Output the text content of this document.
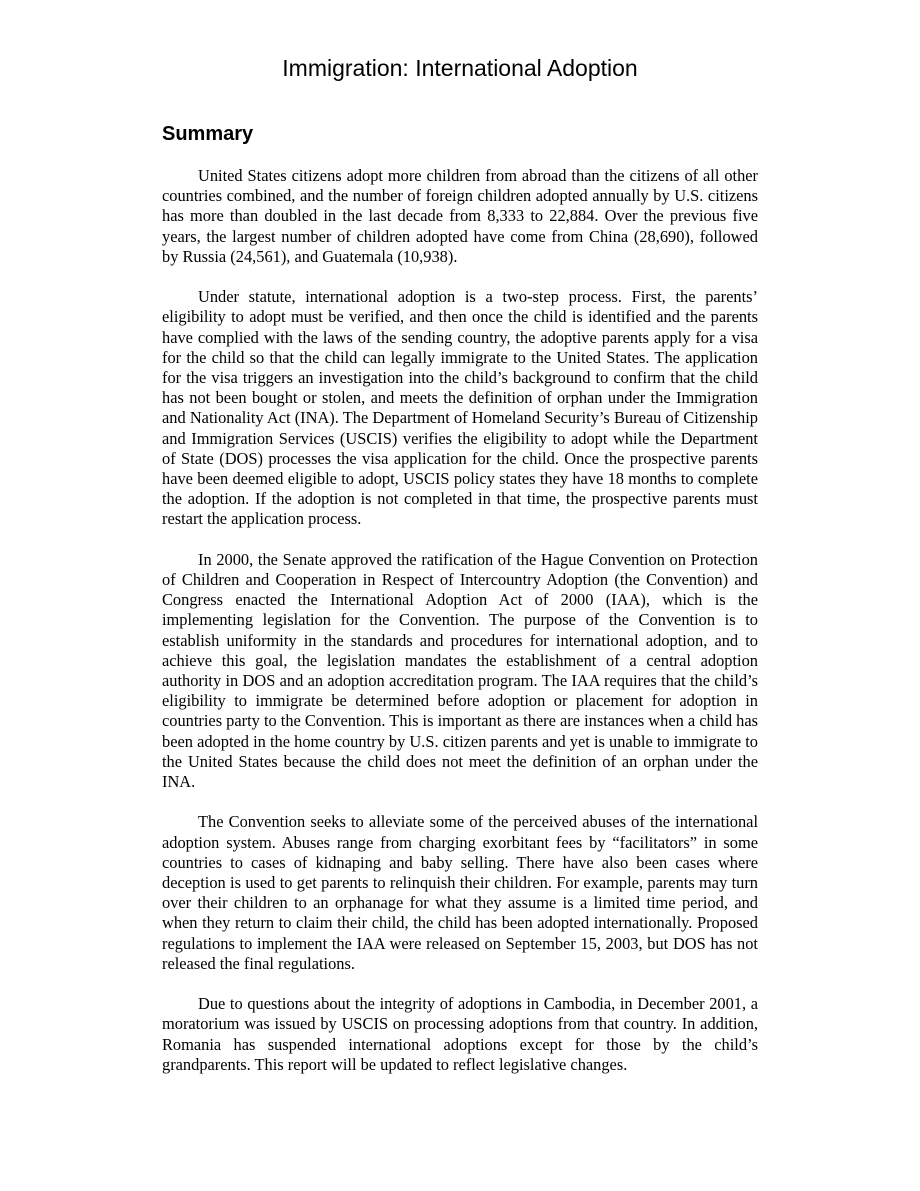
Immigration: International Adoption
Summary

United States citizens adopt more children from abroad than the citizens of all other countries combined, and the number of foreign children adopted annually by U.S. citizens has more than doubled in the last decade from 8,333 to 22,884. Over the previous five years, the largest number of children adopted have come from China (28,690), followed by Russia (24,561), and Guatemala (10,938).

Under statute, international adoption is a two-step process. First, the parents’ eligibility to adopt must be verified, and then once the child is identified and the parents have complied with the laws of the sending country, the adoptive parents apply for a visa for the child so that the child can legally immigrate to the United States. The application for the visa triggers an investigation into the child’s background to confirm that the child has not been bought or stolen, and meets the definition of orphan under the Immigration and Nationality Act (INA). The Department of Homeland Security’s Bureau of Citizenship and Immigration Services (USCIS) verifies the eligibility to adopt while the Department of State (DOS) processes the visa application for the child. Once the prospective parents have been deemed eligible to adopt, USCIS policy states they have 18 months to complete the adoption. If the adoption is not completed in that time, the prospective parents must restart the application process.

In 2000, the Senate approved the ratification of the Hague Convention on Protection of Children and Cooperation in Respect of Intercountry Adoption (the Convention) and Congress enacted the International Adoption Act of 2000 (IAA), which is the implementing legislation for the Convention. The purpose of the Convention is to establish uniformity in the standards and procedures for international adoption, and to achieve this goal, the legislation mandates the establishment of a central adoption authority in DOS and an adoption accreditation program. The IAA requires that the child’s eligibility to immigrate be determined before adoption or placement for adoption in countries party to the Convention. This is important as there are instances when a child has been adopted in the home country by U.S. citizen parents and yet is unable to immigrate to the United States because the child does not meet the definition of an orphan under the INA.

The Convention seeks to alleviate some of the perceived abuses of the international adoption system. Abuses range from charging exorbitant fees by “facilitators” in some countries to cases of kidnaping and baby selling. There have also been cases where deception is used to get parents to relinquish their children. For example, parents may turn over their children to an orphanage for what they assume is a limited time period, and when they return to claim their child, the child has been adopted internationally. Proposed regulations to implement the IAA were released on September 15, 2003, but DOS has not released the final regulations.

Due to questions about the integrity of adoptions in Cambodia, in December 2001, a moratorium was issued by USCIS on processing adoptions from that country. In addition, Romania has suspended international adoptions except for those by the child’s grandparents. This report will be updated to reflect legislative changes.
